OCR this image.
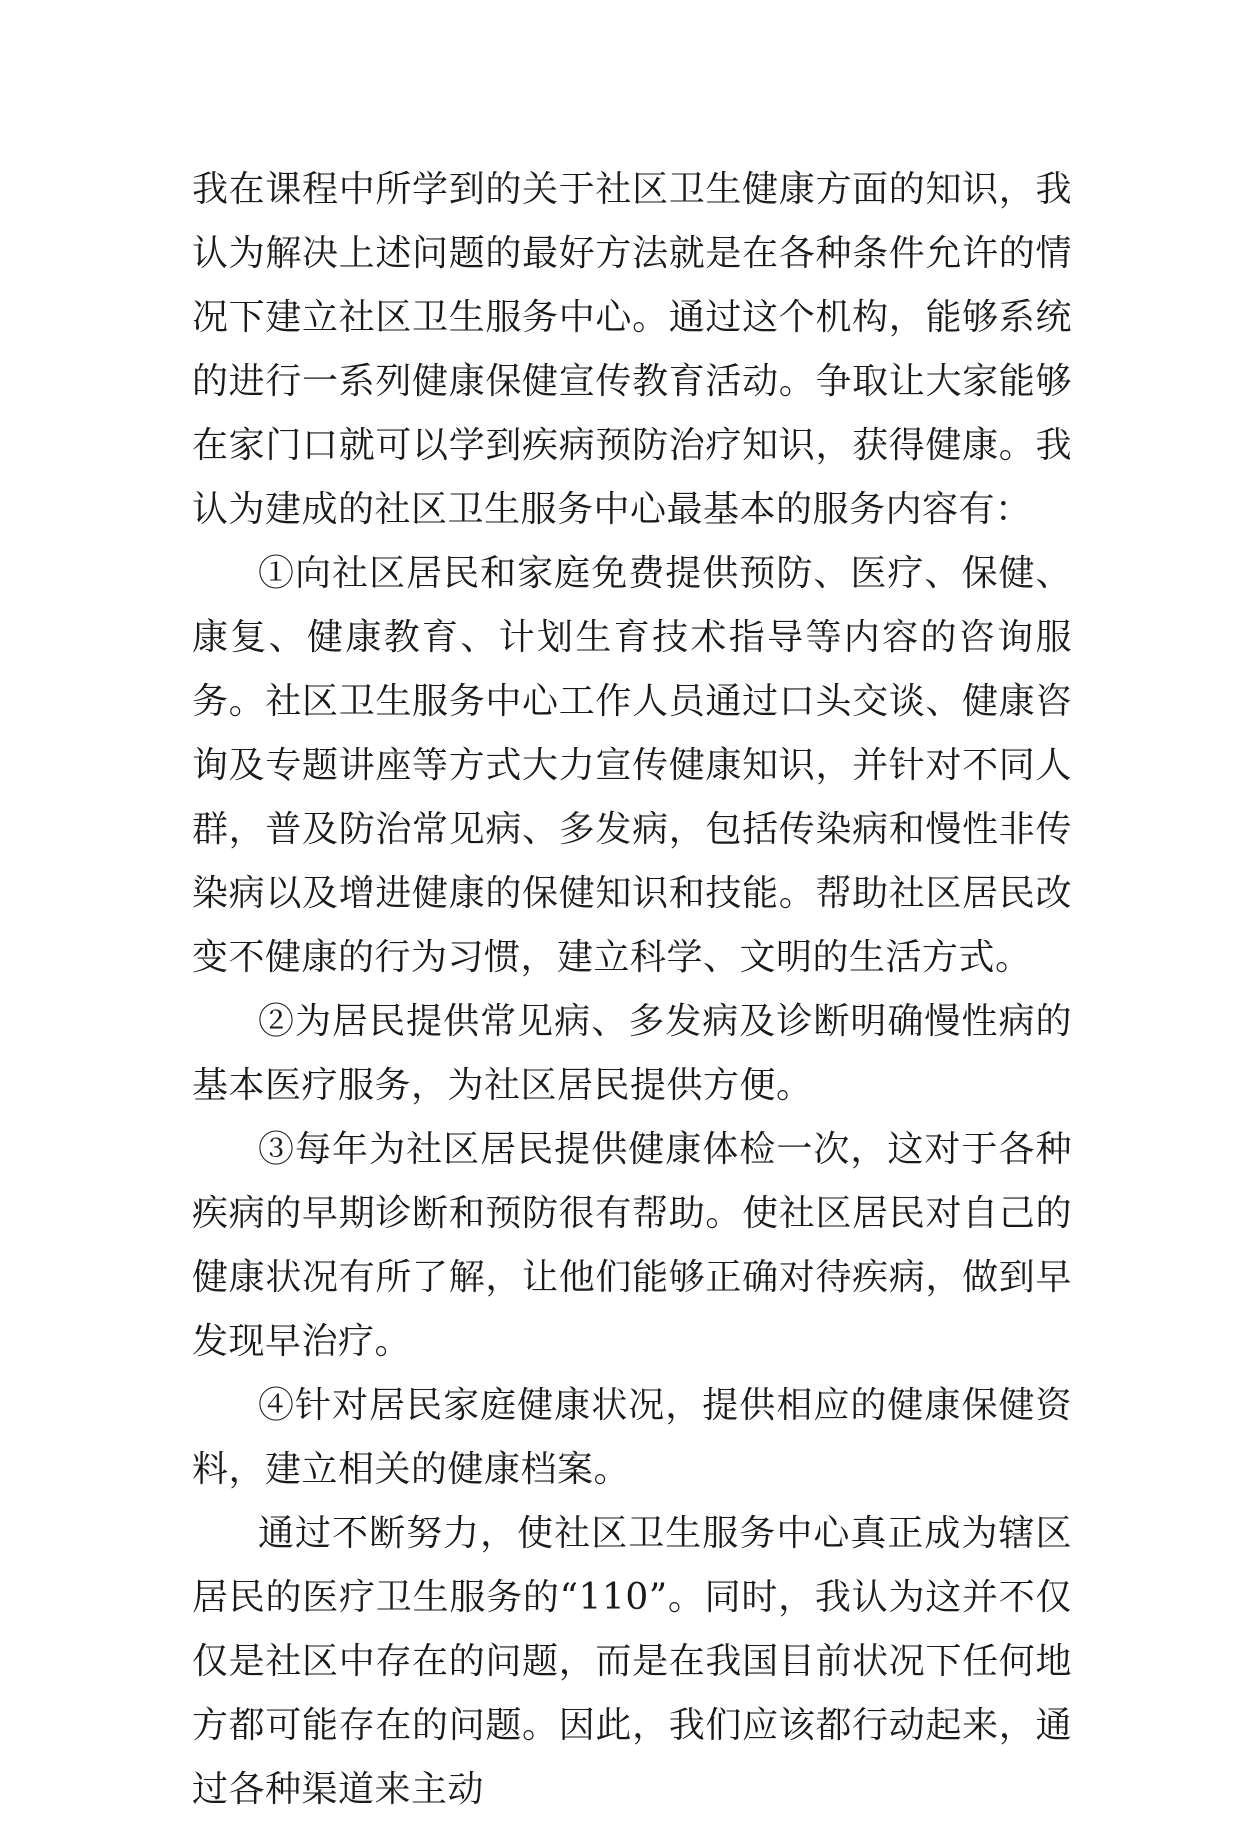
我在课程中所学到的关于社区卫生健康方面的知识，我认为解决上述问题的最好方法就是在各种条件允许的情况下建立社区卫生服务中心。通过这个机构，能够系统的进行一系列健康保健宣传教育活动。争取让大家能够在家门口就可以学到疾病预防治疗知识，获得健康。我认为建成的社区卫生服务中心最基本的服务内容有：

①向社区居民和家庭免费提供预防、医疗、保健、康复、健康教育、计划生育技术指导等内容的咨询服务。社区卫生服务中心工作人员通过口头交谈、健康咨询及专题讲座等方式大力宣传健康知识，并针对不同人群，普及防治常见病、多发病，包括传染病和慢性非传染病以及增进健康的保健知识和技能。帮助社区居民改变不健康的行为习惯，建立科学、文明的生活方式。

②为居民提供常见病、多发病及诊断明确慢性病的基本医疗服务，为社区居民提供方便。

③每年为社区居民提供健康体检一次，这对于各种疾病的早期诊断和预防很有帮助。使社区居民对自己的健康状况有所了解，让他们能够正确对待疾病，做到早发现早治疗。

④针对居民家庭健康状况，提供相应的健康保健资料，建立相关的健康档案。

通过不断努力，使社区卫生服务中心真正成为辖区居民的医疗卫生服务的“110”。同时，我认为这并不仅仅是社区中存在的问题，而是在我国目前状况下任何地方都可能存在的问题。因此，我们应该都行动起来，通过各种渠道来主动
